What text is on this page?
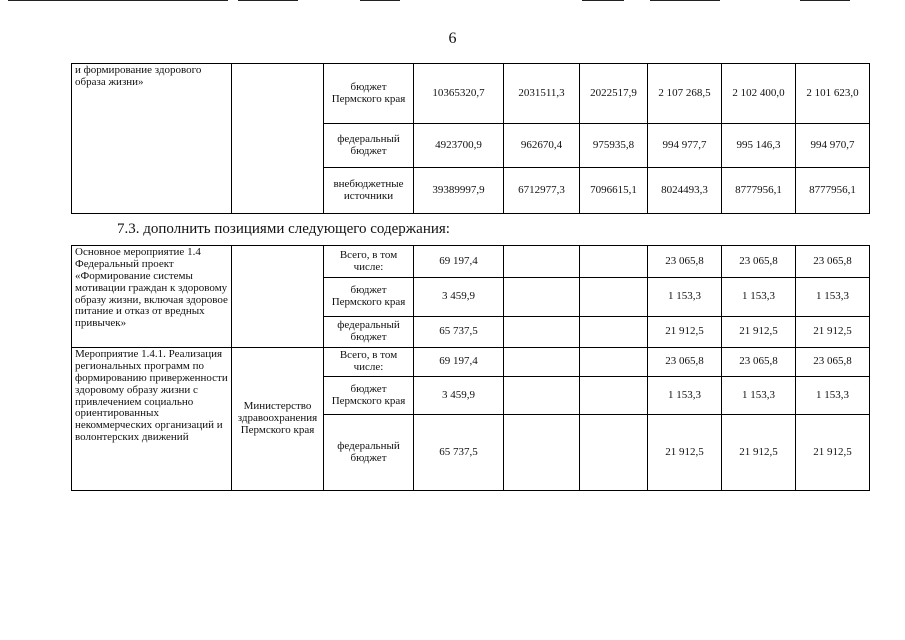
6
и формирование здорового образа жизни»		бюджет Пермского края	10365320,7	2031511,3	2022517,9	2 107 268,5	2 102 400,0	2 101 623,0
		федеральный бюджет	4923700,9	962670,4	975935,8	994 977,7	995 146,3	994 970,7
		внебюджетные источники	39389997,9	6712977,3	7096615,1	8024493,3	8777956,1	8777956,1
7.3. дополнить позициями следующего содержания:
Основное мероприятие 1.4 Федеральный проект «Формирование системы мотивации граждан к здоровому образу жизни, включая здоровое питание и отказ от вредных привычек»		Всего, в том числе:	69 197,4			23 065,8	23 065,8	23 065,8
		бюджет Пермского края	3 459,9			1 153,3	1 153,3	1 153,3
		федеральный бюджет	65 737,5			21 912,5	21 912,5	21 912,5
Мероприятие 1.4.1. Реализация региональных программ по формированию приверженности здоровому образу жизни с привлечением социально ориентированных некоммерческих организаций и волонтерских движений	Министерство здравоохранения Пермского края	Всего, в том числе:	69 197,4			23 065,8	23 065,8	23 065,8
		бюджет Пермского края	3 459,9			1 153,3	1 153,3	1 153,3
		федеральный бюджет	65 737,5			21 912,5	21 912,5	21 912,5
